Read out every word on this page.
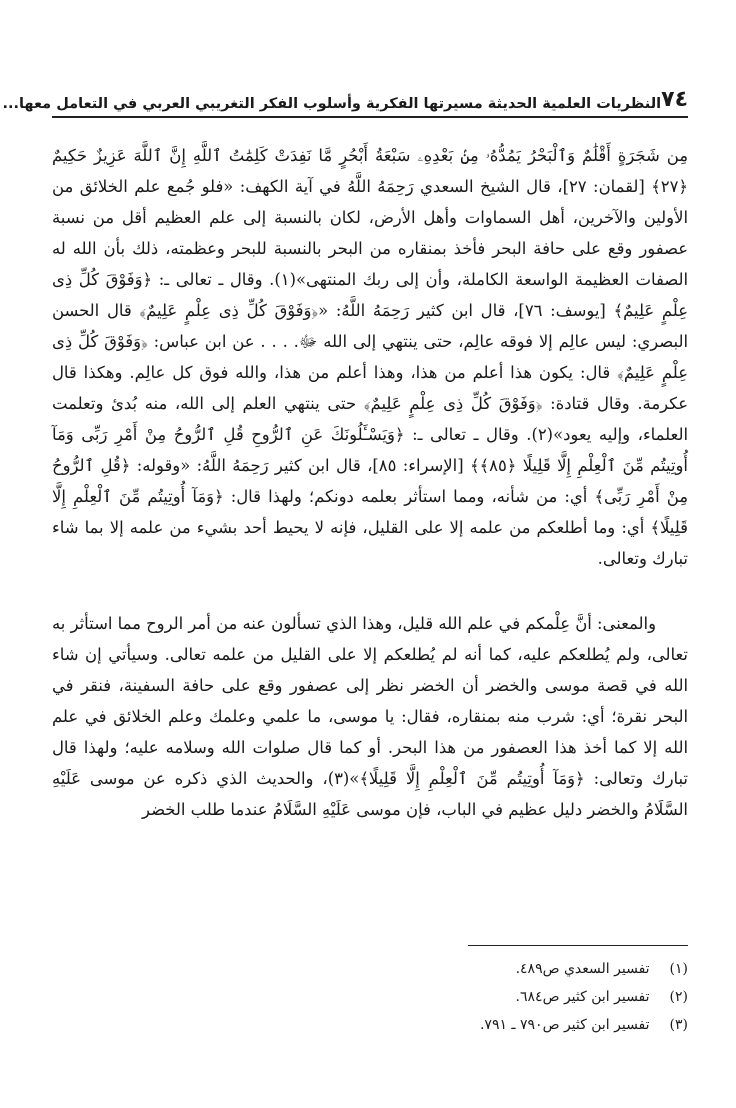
٧٤
النظريات العلمية الحديثة مسيرتها الفكرية وأسلوب الفكر التغريبي العربي في التعامل معها...

مِن شَجَرَةٍ أَقْلَٰمٌ وَٱلْبَحْرُ يَمُدُّهُۥ مِنۢ بَعْدِهِۦ سَبْعَةُ أَبْحُرٍ مَّا نَفِدَتْ كَلِمَٰتُ ٱللَّهِ إِنَّ ٱللَّهَ عَزِيزٌ حَكِيمٌ ﴿٢٧﴾ [لقمان: ٢٧]، قال الشيخ السعدي رَحِمَهُ اللَّهُ في آية الكهف: «فلو جُمع علم الخلائق من الأولين والآخرين، أهل السماوات وأهل الأرض، لكان بالنسبة إلى علم العظيم أقل من نسبة عصفور وقع على حافة البحر فأخذ بمنقاره من البحر بالنسبة للبحر وعظمته، ذلك بأن الله له الصفات العظيمة الواسعة الكاملة، وأن إلى ربك المنتهى»(١). وقال ـ تعالى ـ: ﴿وَفَوْقَ كُلِّ ذِى عِلْمٍ عَلِيمٌ﴾ [يوسف: ٧٦]، قال ابن كثير رَحِمَهُ اللَّهُ: «﴿وَفَوْقَ كُلِّ ذِى عِلْمٍ عَلِيمٌ﴾ قال الحسن البصري: ليس عالِم إلا فوقه عالِم، حتى ينتهي إلى الله ﷻ. . . . عن ابن عباس: ﴿وَفَوْقَ كُلِّ ذِى عِلْمٍ عَلِيمٌ﴾ قال: يكون هذا أعلم من هذا، وهذا أعلم من هذا، والله فوق كل عالِم. وهكذا قال عكرمة. وقال قتادة: ﴿وَفَوْقَ كُلِّ ذِى عِلْمٍ عَلِيمٌ﴾ حتى ينتهي العلم إلى الله، منه بُدئ وتعلمت العلماء، وإليه يعود»(٢). وقال ـ تعالى ـ: ﴿وَيَسْـَٔلُونَكَ عَنِ ٱلرُّوحِ قُلِ ٱلرُّوحُ مِنْ أَمْرِ رَبِّى وَمَآ أُوتِيتُم مِّنَ ٱلْعِلْمِ إِلَّا قَلِيلًا ﴿٨٥﴾﴾ [الإسراء: ٨٥]، قال ابن كثير رَحِمَهُ اللَّهُ: «وقوله: ﴿قُلِ ٱلرُّوحُ مِنْ أَمْرِ رَبِّى﴾ أي: من شأنه، ومما استأثر بعلمه دونكم؛ ولهذا قال: ﴿وَمَآ أُوتِيتُم مِّنَ ٱلْعِلْمِ إِلَّا قَلِيلًا﴾ أي: وما أطلعكم من علمه إلا على القليل، فإنه لا يحيط أحد بشيء من علمه إلا بما شاء تبارك وتعالى.

والمعنى: أنَّ عِلْمكم في علم الله قليل، وهذا الذي تسألون عنه من أمر الروح مما استأثر به تعالى، ولم يُطلعكم عليه، كما أنه لم يُطلعكم إلا على القليل من علمه تعالى. وسيأتي إن شاء الله في قصة موسى والخضر أن الخضر نظر إلى عصفور وقع على حافة السفينة، فنقر في البحر نقرة؛ أي: شرب منه بمنقاره، فقال: يا موسى، ما علمي وعلمك وعلم الخلائق في علم الله إلا كما أخذ هذا العصفور من هذا البحر. أو كما قال صلوات الله وسلامه عليه؛ ولهذا قال تبارك وتعالى: ﴿وَمَآ أُوتِيتُم مِّنَ ٱلْعِلْمِ إِلَّا قَلِيلًا﴾»(٣)، والحديث الذي ذكره عن موسى عَلَيْهِ السَّلَامُ والخضر دليل عظيم في الباب، فإن موسى عَلَيْهِ السَّلَامُ عندما طلب الخضر

(١) تفسير السعدي ص٤٨٩.
(٢) تفسير ابن كثير ص٦٨٤.
(٣) تفسير ابن كثير ص٧٩٠ ـ ٧٩١.
